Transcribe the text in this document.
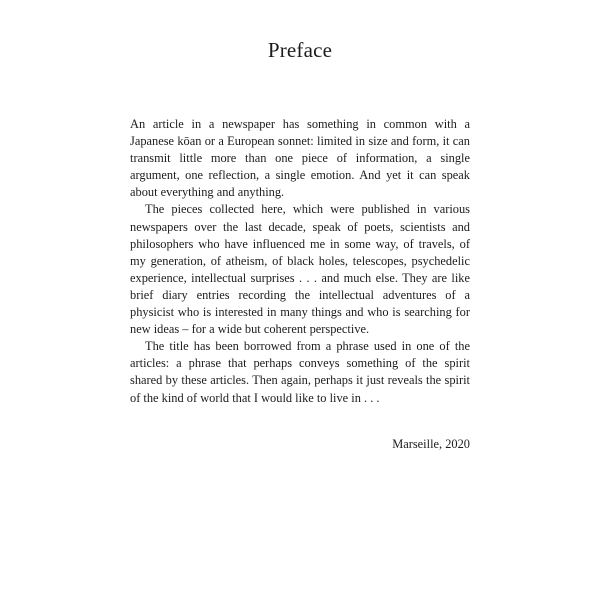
Preface

An article in a newspaper has something in common with a Japanese kōan or a European sonnet: limited in size and form, it can transmit little more than one piece of information, a single argument, one reflection, a single emotion. And yet it can speak about everything and anything.

The pieces collected here, which were published in various newspapers over the last decade, speak of poets, scientists and philosophers who have influenced me in some way, of travels, of my generation, of atheism, of black holes, telescopes, psychedelic experience, intellectual surprises . . . and much else. They are like brief diary entries recording the intellectual adventures of a physicist who is interested in many things and who is searching for new ideas – for a wide but coherent perspective.

The title has been borrowed from a phrase used in one of the articles: a phrase that perhaps conveys something of the spirit shared by these articles. Then again, perhaps it just reveals the spirit of the kind of world that I would like to live in . . .

Marseille, 2020
